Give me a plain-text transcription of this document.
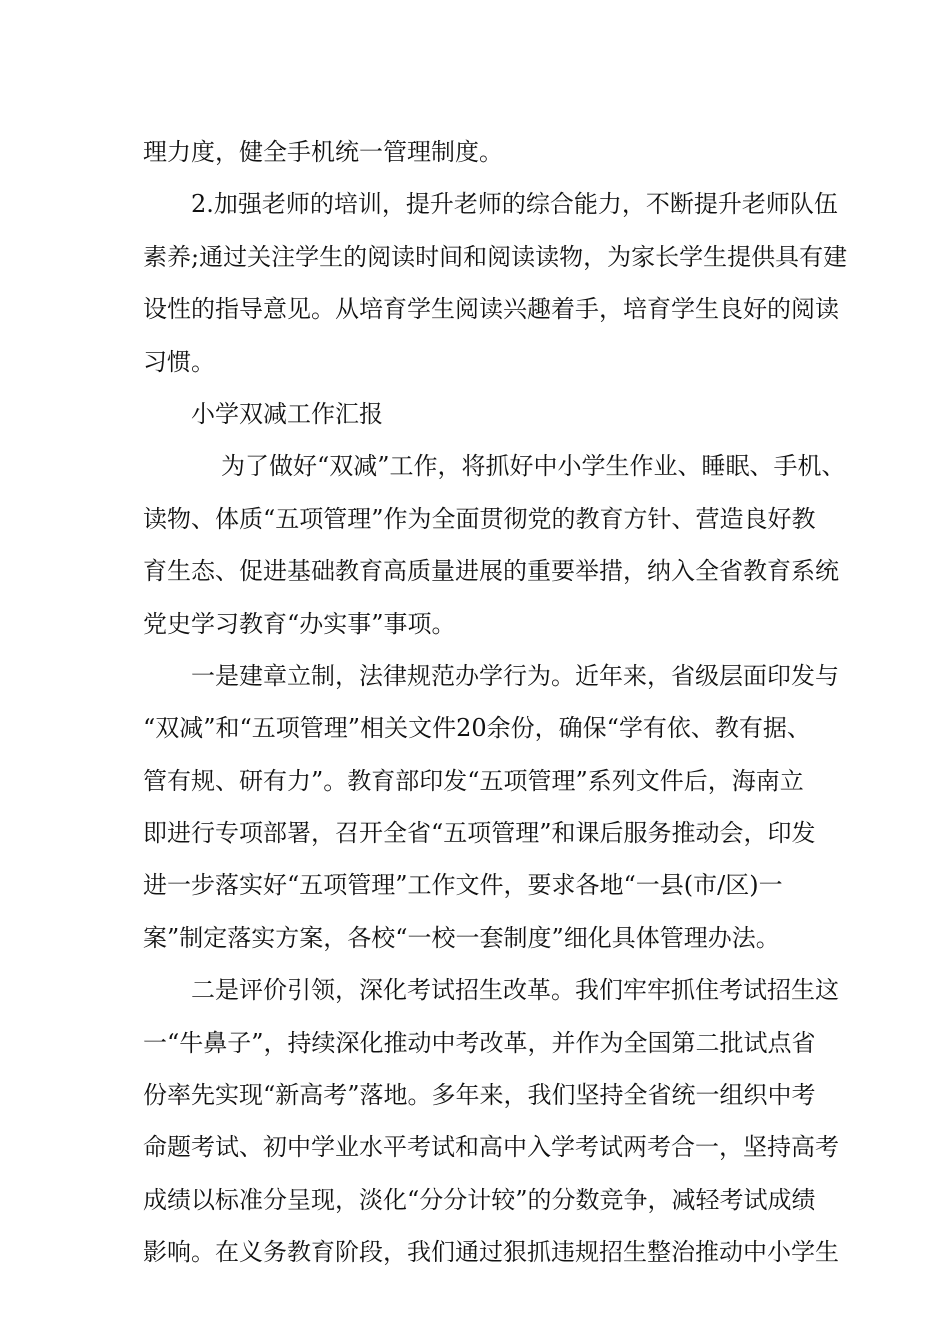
理力度，健全手机统一管理制度。
2.加强老师的培训，提升老师的综合能力，不断提升老师队伍
素养;通过关注学生的阅读时间和阅读读物，为家长学生提供具有建
设性的指导意见。从培育学生阅读兴趣着手，培育学生良好的阅读
习惯。
小学双减工作汇报
为了做好“双减”工作，将抓好中小学生作业、睡眠、手机、
读物、体质“五项管理”作为全面贯彻党的教育方针、营造良好教
育生态、促进基础教育高质量进展的重要举措，纳入全省教育系统
党史学习教育“办实事”事项。
一是建章立制，法律规范办学行为。近年来，省级层面印发与
“双减”和“五项管理”相关文件20余份，确保“学有依、教有据、
管有规、研有力”。教育部印发“五项管理”系列文件后，海南立
即进行专项部署，召开全省“五项管理”和课后服务推动会，印发
进一步落实好“五项管理”工作文件，要求各地“一县(市/区)一
案”制定落实方案，各校“一校一套制度”细化具体管理办法。
二是评价引领，深化考试招生改革。我们牢牢抓住考试招生这
一“牛鼻子”，持续深化推动中考改革，并作为全国第二批试点省
份率先实现“新高考”落地。多年来，我们坚持全省统一组织中考
命题考试、初中学业水平考试和高中入学考试两考合一，坚持高考
成绩以标准分呈现，淡化“分分计较”的分数竞争，减轻考试成绩
影响。在义务教育阶段，我们通过狠抓违规招生整治推动中小学生
